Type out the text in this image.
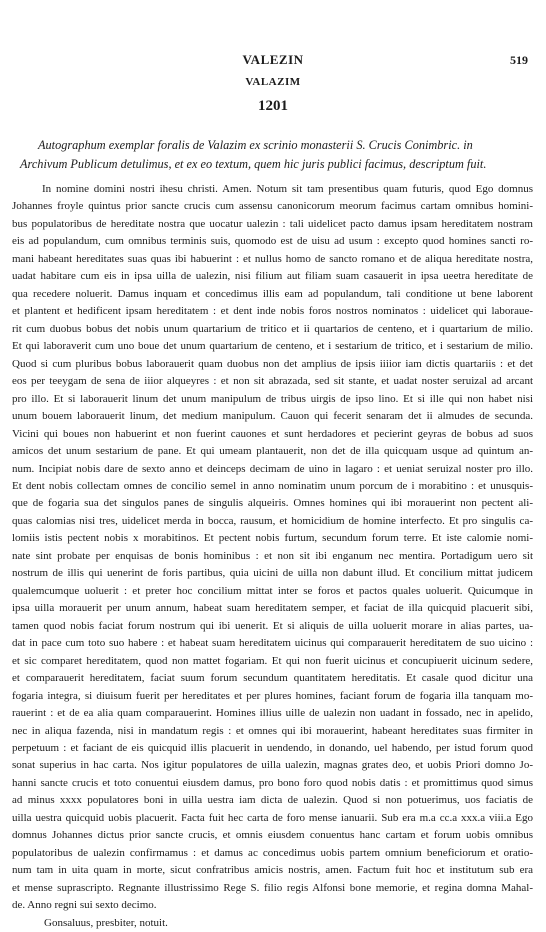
519
VALEZIN
VALAZIM
1201
Autographum exemplar foralis de Valazim ex scrinio monasterii S. Crucis Conimbric. in
Archivum Publicum detulimus, et ex eo textum, quem hic juris publici facimus, descriptum fuit.
In nomine domini nostri ihesu christi. Amen. Notum sit tam presentibus quam futuris, quod Ego domnus
Johannes froyle quintus prior sancte crucis cum assensu canonicorum meorum facimus cartam omnibus homini-
bus populatoribus de hereditate nostra que uocatur ualezin : tali uidelicet pacto damus ipsam hereditatem nostram
eis ad populandum, cum omnibus terminis suis, quomodo est de uisu ad usum : excepto quod homines sancti ro-
mani habeant hereditates suas quas ibi habuerint : et nullus homo de sancto romano et de aliqua hereditate nostra,
uadat habitare cum eis in ipsa uilla de ualezin, nisi filium aut filiam suam casauerit in ipsa ueetra hereditate de
qua recedere noluerit. Damus inquam et concedimus illis eam ad populandum, tali conditione ut bene laborent
et plantent et hedificent ipsam hereditatem : et dent inde nobis foros nostros nominatos : uidelicet qui laboraue-
rit cum duobus bobus det nobis unum quartarium de tritico et ii quartarios de centeno, et i quartarium de milio.
Et qui laboraverit cum uno boue det unum quartarium de centeno, et i sestarium de tritico, et i sestarium de milio.
Quod si cum pluribus bobus laborauerit quam duobus non det amplius de ipsis iiiior iam dictis quartariis : et det
eos per teeygam de sena de iiior alqueyres : et non sit abrazada, sed sit stante, et uadat noster seruizal ad arcant
pro illo. Et si laborauerit linum det unum manipulum de tribus uirgis de ipso lino. Et si ille qui non habet nisi
unum bouem laborauerit linum, det medium manipulum. Cauon qui fecerit senaram det ii almudes de secunda.
Vicini qui boues non habuerint et non fuerint cauones et sunt herdadores et pecierint geyras de bobus ad suos
amicos det unum sestarium de pane. Et qui umeam plantauerit, non det de illa quicquam usque ad quintum an-
num. Incipiat nobis dare de sexto anno et deinceps decimam de uino in lagaro : et ueniat seruizal noster pro illo.
Et dent nobis collectam omnes de concilio semel in anno nominatim unum porcum de i morabitino : et unusquis-
que de fogaria sua det singulos panes de singulis alqueiris. Omnes homines qui ibi morauerint non pectent ali-
quas calomias nisi tres, uidelicet merda in bocca, rausum, et homicidium de homine interfecto. Et pro singulis ca-
lomiis istis pectent nobis x morabitinos. Et pectent nobis furtum, secundum forum terre. Et iste calomie nomi-
nate sint probate per enquisas de bonis hominibus : et non sit ibi enganum nec mentira. Portadigum uero sit
nostrum de illis qui uenerint de foris partibus, quia uicini de uilla non dabunt illud. Et concilium mittat judicem
qualemcumque uoluerit : et preter hoc concilium mittat inter se foros et pactos quales uoluerit. Quicumque in
ipsa uilla morauerit per unum annum, habeat suam hereditatem semper, et faciat de illa quicquid placuerit sibi,
tamen quod nobis faciat forum nostrum qui ibi uenerit. Et si aliquis de uilla uoluerit morare in alias partes, ua-
dat in pace cum toto suo habere : et habeat suam hereditatem uicinus qui comparauerit hereditatem de suo uicino :
et sic comparet hereditatem, quod non mattet fogariam. Et qui non fuerit uicinus et concupiuerit uicinum sedere,
et comparauerit hereditatem, faciat suum forum secundum quantitatem hereditatis. Et casale quod dicitur una
fogaria integra, si diuisum fuerit per hereditates et per plures homines, faciant forum de fogaria illa tanquam mo-
rauerint : et de ea alia quam comparauerint. Homines illius uille de ualezin non uadant in fossado, nec in apelido,
nec in aliqua fazenda, nisi in mandatum regis : et omnes qui ibi morauerint, habeant hereditates suas firmiter in
perpetuum : et faciant de eis quicquid illis placuerit in uendendo, in donando, uel habendo, per istud forum quod
sonat superius in hac carta. Nos igitur populatores de uilla ualezin, magnas grates deo, et uobis Priori domno Jo-
hanni sancte crucis et toto conuentui eiusdem damus, pro bono foro quod nobis datis : et promittimus quod simus
ad minus xxxx populatores boni in uilla uestra iam dicta de ualezin. Quod si non potuerimus, uos faciatis de
uilla uestra quicquid uobis placuerit. Facta fuit hec carta de foro mense ianuarii. Sub era m.a cc.a xxx.a viii.a Ego
domnus Johannes dictus prior sancte crucis, et omnis eiusdem conuentus hanc cartam et forum uobis omnibus
populatoribus de ualezin confirmamus : et damus ac concedimus uobis partem omnium beneficiorum et oratio-
num tam in uita quam in morte, sicut confratribus amicis nostris, amen. Factum fuit hoc et institutum sub era
et mense suprascripto. Regnante illustrissimo Rege S. filio regis Alfonsi bone memorie, et regina domna Mahal-
de. Anno regni sui sexto decimo.
Gonsaluus, presbiter, notuit.
